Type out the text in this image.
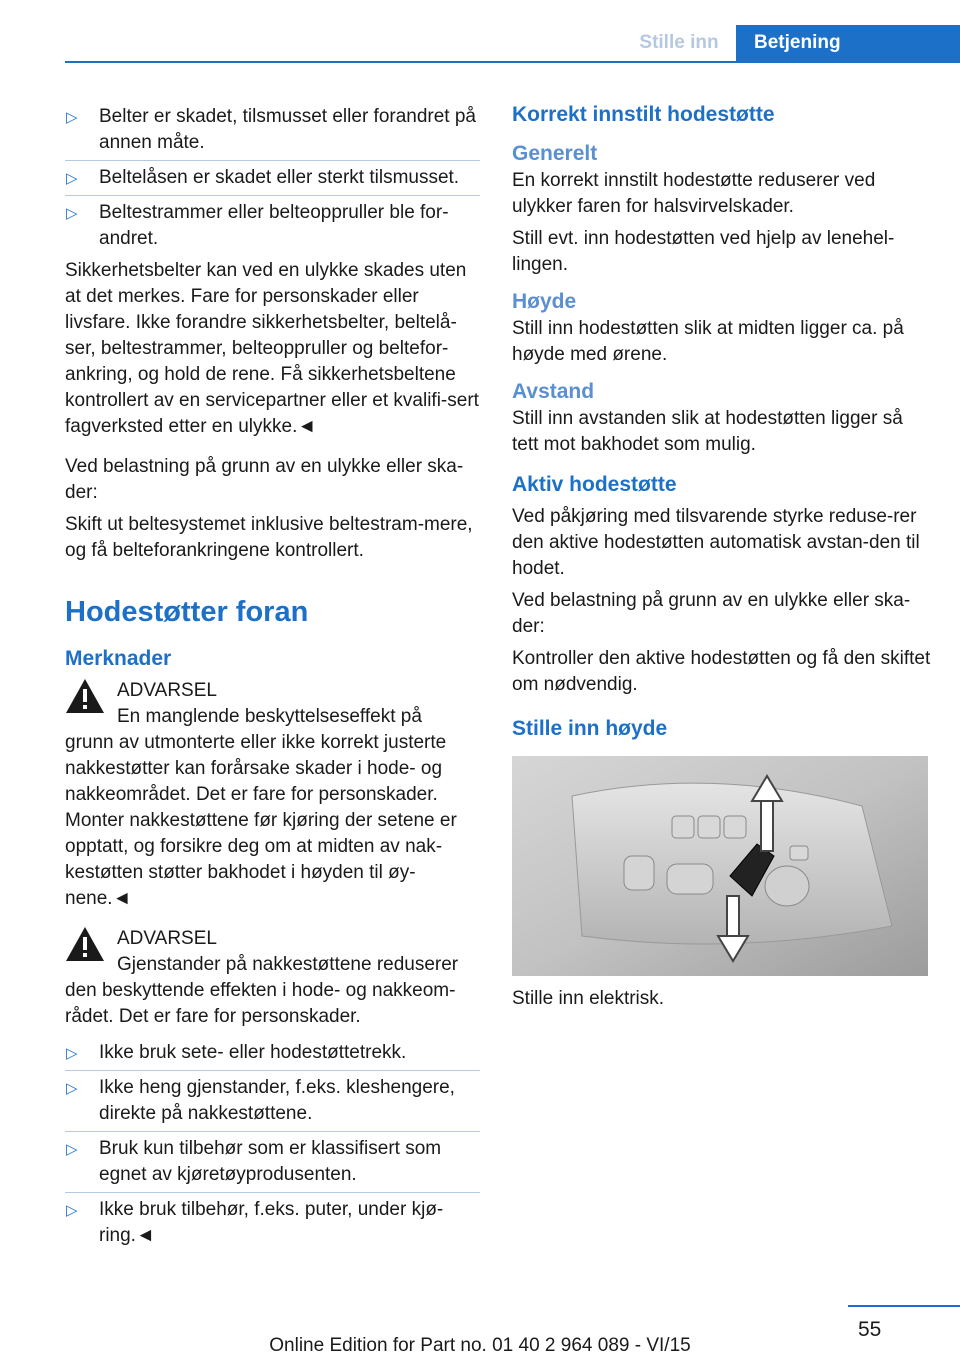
Stille inn	Betjening
▷ Belter er skadet, tilsmusset eller forandret på annen måte.
▷ Beltelåsen er skadet eller sterkt tilsmusset.
▷ Beltestrammer eller belteoppruller ble for-andret.

Sikkerhetsbelter kan ved en ulykke skades uten at det merkes. Fare for personskader eller livsfare. Ikke forandre sikkerhetsbelter, beltelå-ser, beltestrammer, belteoppruller og beltefor-ankring, og hold de rene. Få sikkerhetsbeltene kontrollert av en servicepartner eller et kvalifi-sert fagverksted etter en ulykke.◄

Ved belastning på grunn av en ulykke eller ska-der:

Skift ut beltesystemet inklusive beltestram-mere, og få belteforankringene kontrollert.

Hodestøtter foran
Merknader
ADVARSEL
En manglende beskyttelseseffekt på

grunn av utmonterte eller ikke korrekt justerte nakkestøtter kan forårsake skader i hode- og nakkeområdet. Det er fare for personskader. Monter nakkestøttene før kjøring der setene er opptatt, og forsikre deg om at midten av nak-kestøtten støtter bakhodet i høyden til øy-nene.◄

ADVARSEL
Gjenstander på nakkestøttene reduserer

den beskyttende effekten i hode- og nakkeom-rådet. Det er fare for personskader.

▷ Ikke bruk sete- eller hodestøttetrekk.
▷ Ikke heng gjenstander, f.eks. kleshengere, direkte på nakkestøttene.
▷ Bruk kun tilbehør som er klassifisert som egnet av kjøretøyprodusenten.
▷ Ikke bruk tilbehør, f.eks. puter, under kjø-ring.◄
Korrekt innstilt hodestøtte
Generelt

En korrekt innstilt hodestøtte reduserer ved ulykker faren for halsvirvelskader.

Still evt. inn hodestøtten ved hjelp av lenehel-lingen.

Høyde

Still inn hodestøtten slik at midten ligger ca. på høyde med ørene.

Avstand

Still inn avstanden slik at hodestøtten ligger så tett mot bakhodet som mulig.

Aktiv hodestøtte

Ved påkjøring med tilsvarende styrke reduse-rer den aktive hodestøtten automatisk avstan-den til hodet.

Ved belastning på grunn av en ulykke eller ska-der:

Kontroller den aktive hodestøtten og få den skiftet om nødvendig.

Stille inn høyde

Stille inn elektrisk.

55
Online Edition for Part no. 01 40 2 964 089 - VI/15
